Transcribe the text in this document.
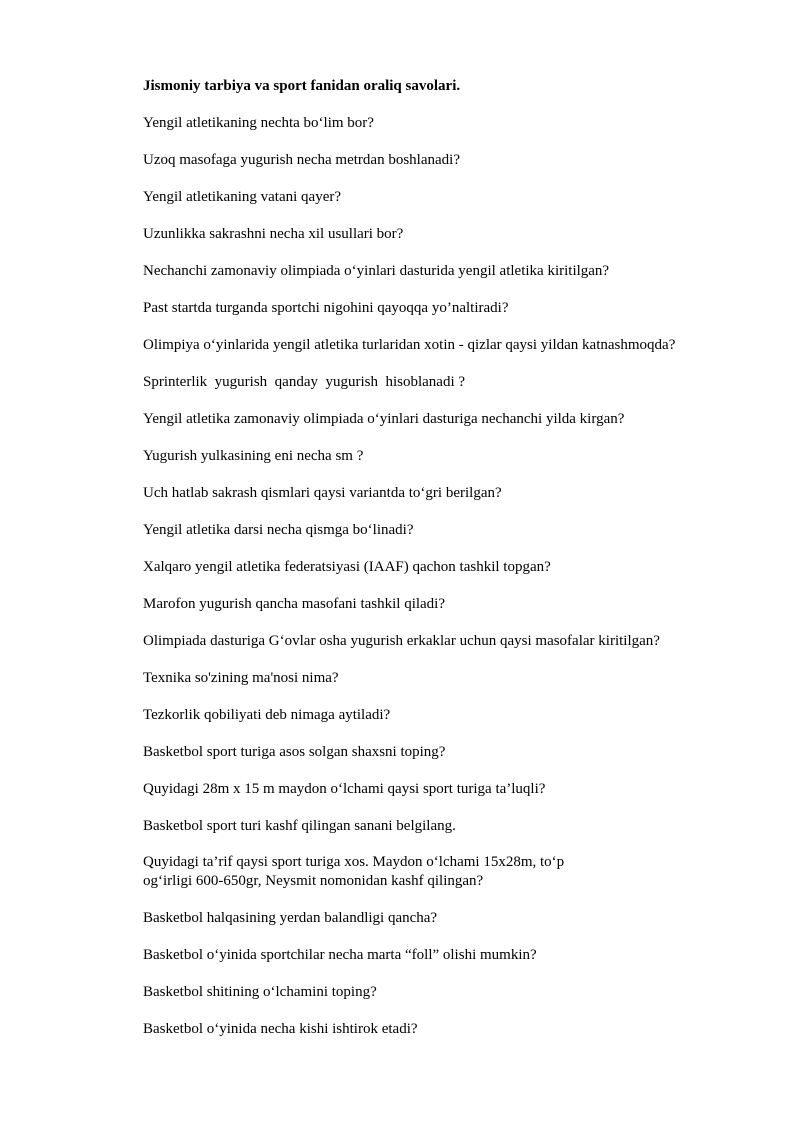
Jismoniy tarbiya va sport fanidan oraliq savolari.
Yengil atletikaning nechta bo‘lim bor?
Uzoq masofaga yugurish necha metrdan boshlanadi?
Yengil atletikaning vatani qayer?
Uzunlikka sakrashni necha xil usullari bor?
Nechanchi zamonaviy olimpiada o‘yinlari dasturida yengil atletika kiritilgan?
Past startda turganda sportchi nigohini qayoqqa yo’naltiradi?
Olimpiya o‘yinlarida yengil atletika turlaridan xotin - qizlar qaysi yildan katnashmoqda?
Sprinterlik  yugurish  qanday  yugurish  hisoblanadi ?
Yengil atletika zamonaviy olimpiada o‘yinlari dasturiga nechanchi yilda kirgan?
Yugurish yulkasining eni necha sm ?
Uch hatlab sakrash qismlari qaysi variantda to‘gri berilgan?
Yengil atletika darsi necha qismga bo‘linadi?
Xalqaro yengil atletika federatsiyasi (IAAF) qachon tashkil topgan?
Marofon yugurish qancha masofani tashkil qiladi?
Olimpiada dasturiga G‘ovlar osha yugurish erkaklar uchun qaysi masofalar kiritilgan?
Texnika so'zining ma'nosi nima?
Tezkorlik qobiliyati deb nimaga aytiladi?
Basketbol sport turiga asos solgan shaxsni toping?
Quyidagi 28m x 15 m maydon o‘lchami qaysi sport turiga ta’luqli?
Basketbol sport turi kashf qilingan sanani belgilang.
Quyidagi ta’rif qaysi sport turiga xos. Maydon o‘lchami 15x28m, to‘p
og‘irligi 600-650gr, Neysmit nomonidan kashf qilingan?
Basketbol halqasining yerdan balandligi qancha?
Basketbol o‘yinida sportchilar necha marta “foll” olishi mumkin?
Basketbol shitining o‘lchamini toping?
Basketbol o‘yinida necha kishi ishtirok etadi?
